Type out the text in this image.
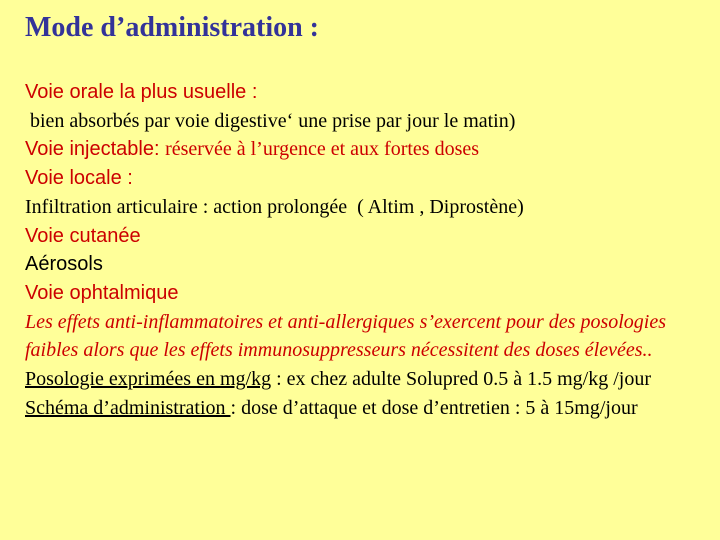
Mode d’administration :
Voie orale la plus usuelle :
bien absorbés par voie digestive‘ une prise par jour le matin)
Voie injectable: réservée à l’urgence et aux fortes doses
Voie locale :
Infiltration articulaire : action prolongée  ( Altim , Diprostène)
Voie cutanée
Aérosols
Voie ophtalmique
Les effets anti-inflammatoires et anti-allergiques s’exercent pour des posologies faibles alors que les effets immunosuppresseurs nécessitent des doses élevées..
Posologie exprimées en mg/kg : ex chez adulte Solupred 0.5 à 1.5 mg/kg /jour
Schéma d’administration : dose d’attaque et dose d’entretien : 5 à 15mg/jour
